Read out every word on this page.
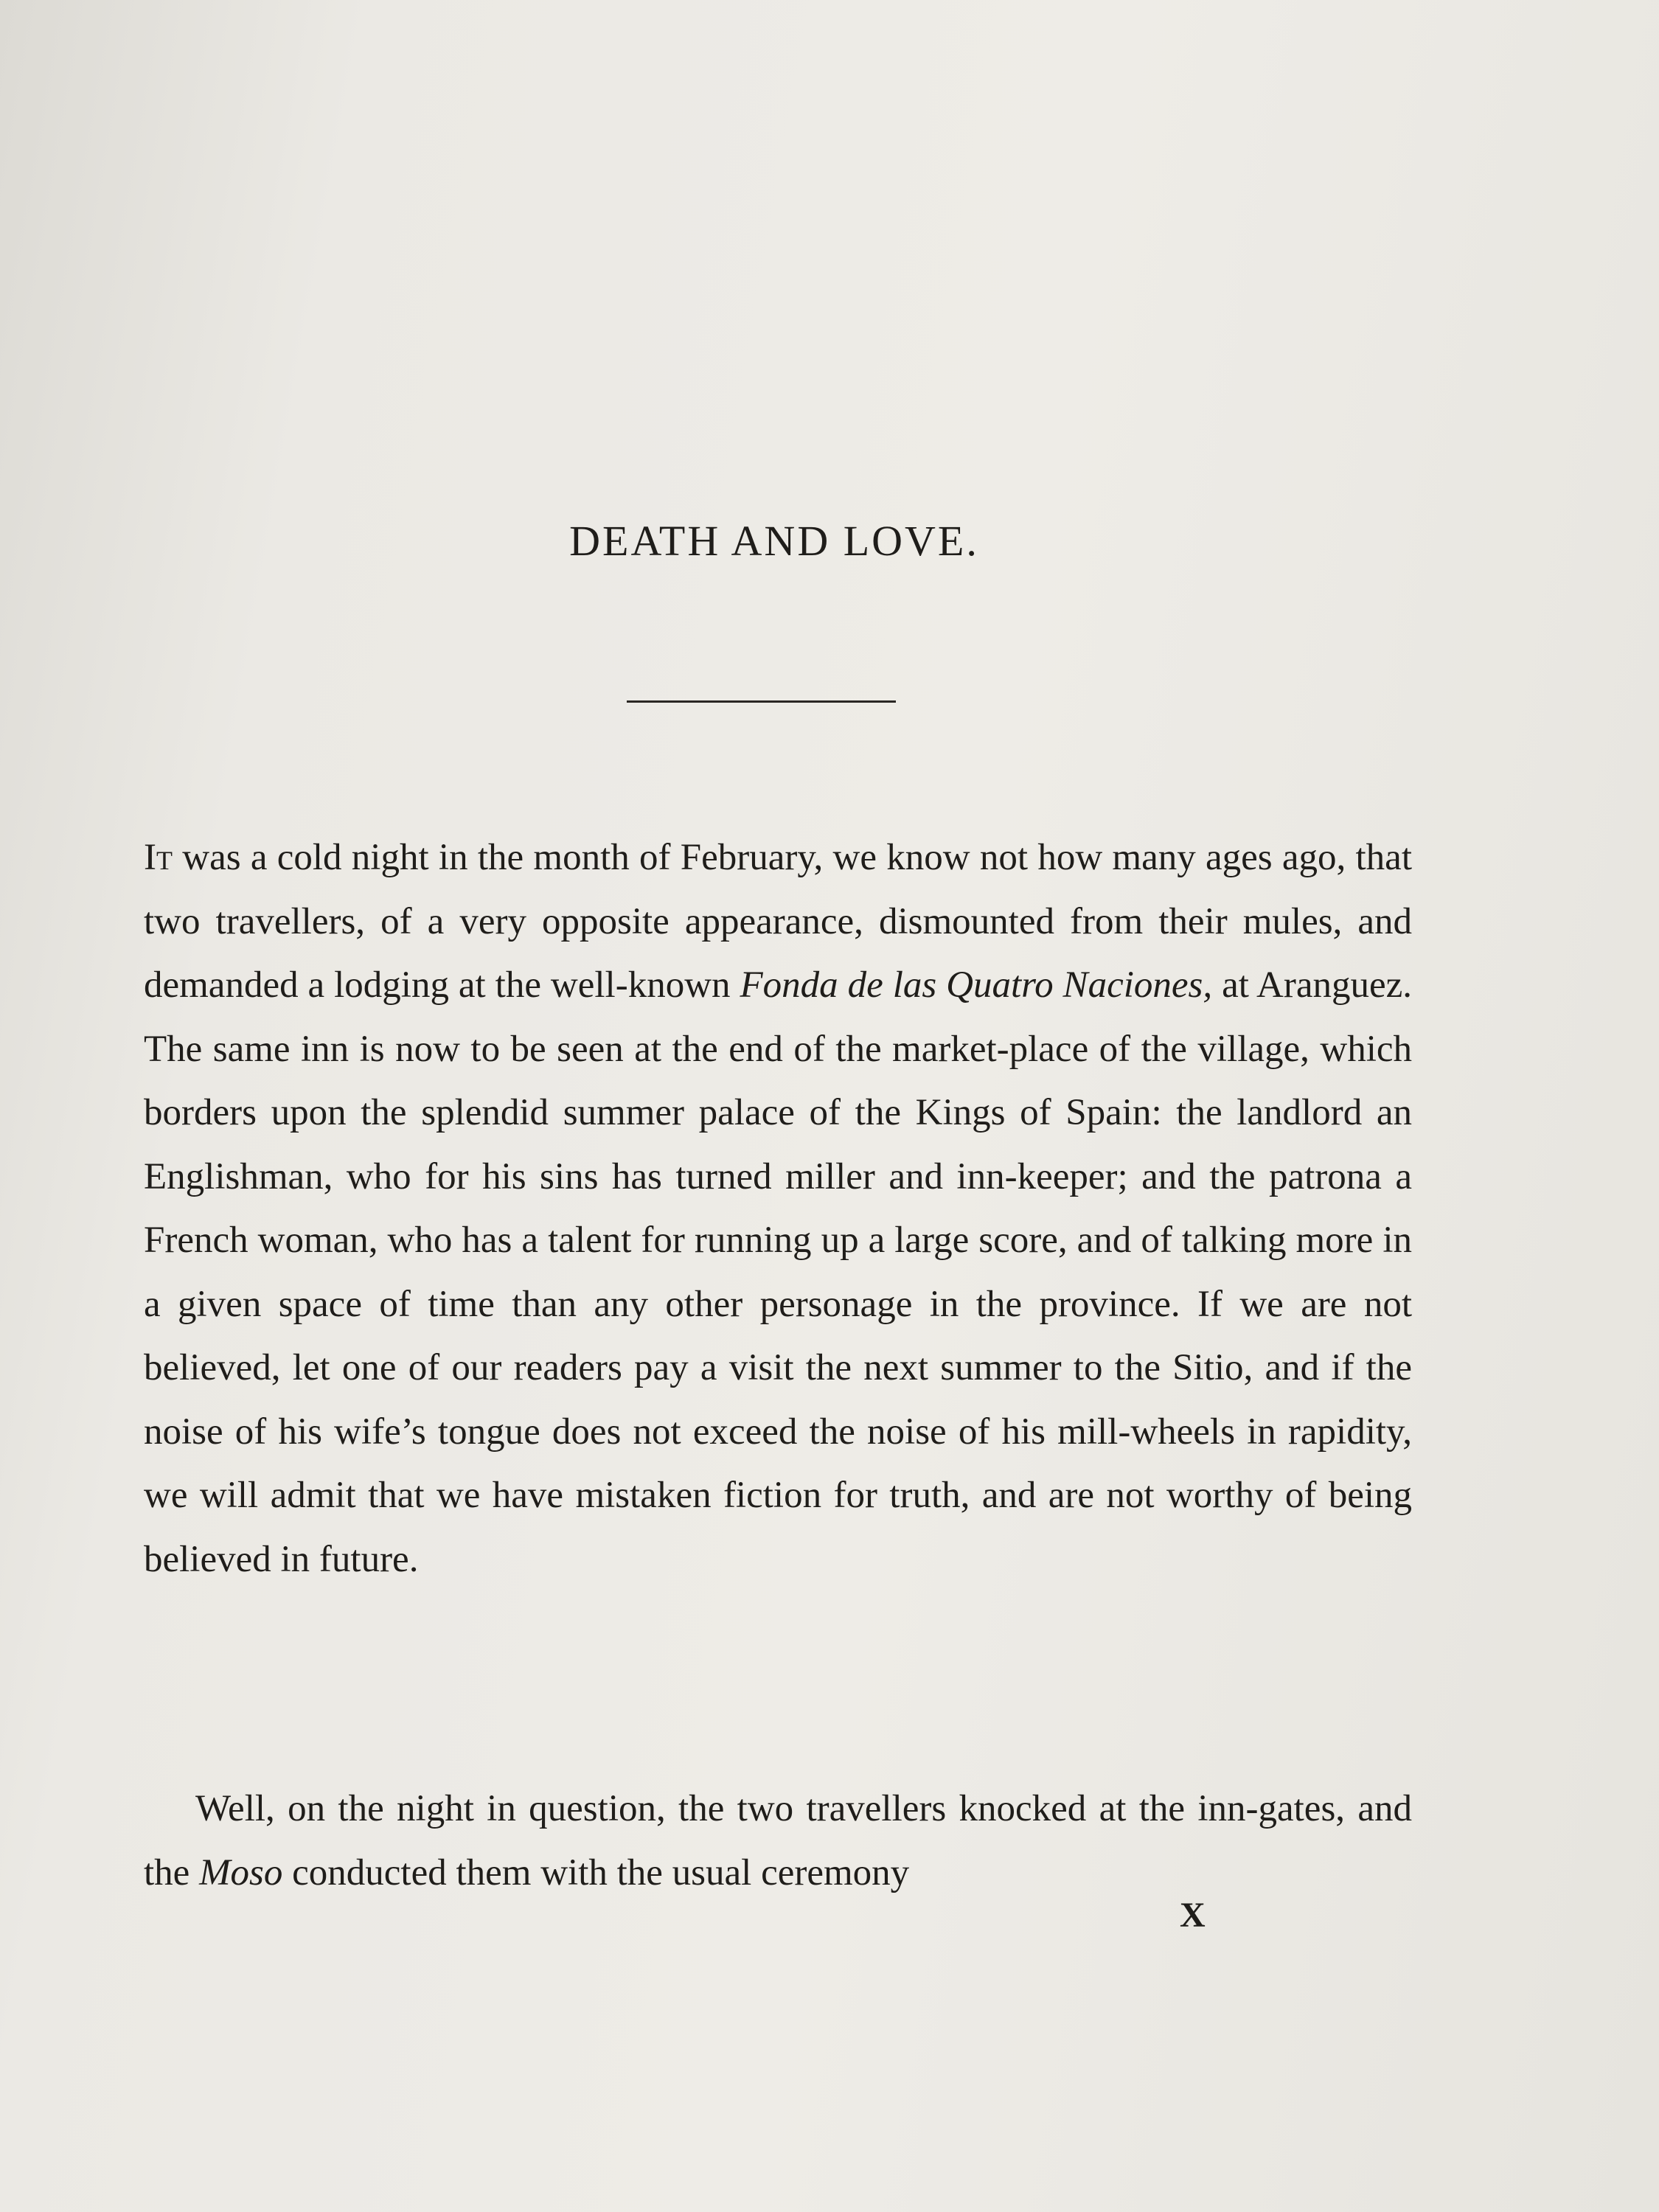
DEATH AND LOVE.

It was a cold night in the month of February, we know not how many ages ago, that two travellers, of a very opposite appearance, dismounted from their mules, and demanded a lodging at the well-known Fonda de las Quatro Naciones, at Aranguez. The same inn is now to be seen at the end of the market-place of the village, which borders upon the splendid summer palace of the Kings of Spain: the landlord an Englishman, who for his sins has turned miller and inn-keeper; and the patrona a French woman, who has a talent for running up a large score, and of talking more in a given space of time than any other personage in the province. If we are not believed, let one of our readers pay a visit the next summer to the Sitio, and if the noise of his wife’s tongue does not exceed the noise of his mill-wheels in rapidity, we will admit that we have mistaken fiction for truth, and are not worthy of being believed in future.

Well, on the night in question, the two travellers knocked at the inn-gates, and the Moso conducted them with the usual ceremony

X
